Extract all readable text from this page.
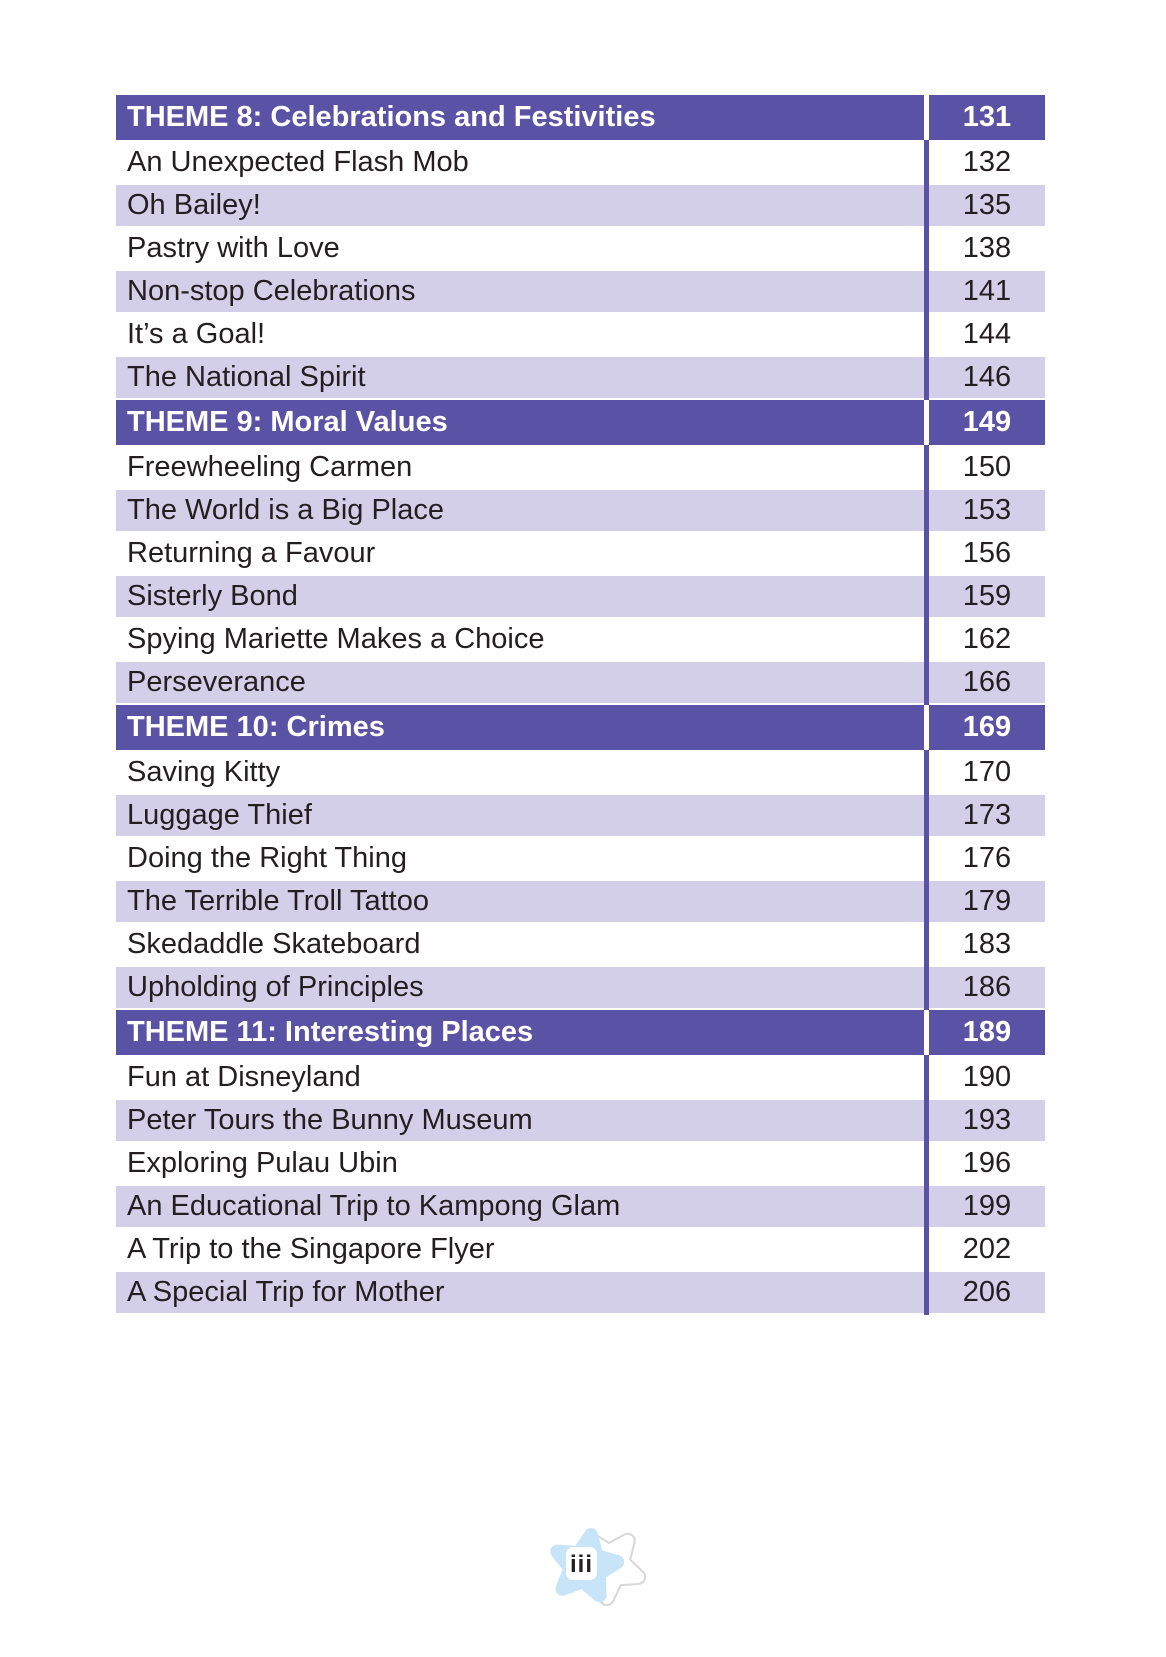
THEME 8: Celebrations and Festivities	131
An Unexpected Flash Mob	132
Oh Bailey!	135
Pastry with Love	138
Non-stop Celebrations	141
It’s a Goal!	144
The National Spirit	146
THEME 9: Moral Values	149
Freewheeling Carmen	150
The World is a Big Place	153
Returning a Favour	156
Sisterly Bond	159
Spying Mariette Makes a Choice	162
Perseverance	166
THEME 10: Crimes	169
Saving Kitty	170
Luggage Thief	173
Doing the Right Thing	176
The Terrible Troll Tattoo	179
Skedaddle Skateboard	183
Upholding of Principles	186
THEME 11: Interesting Places	189
Fun at Disneyland	190
Peter Tours the Bunny Museum	193
Exploring Pulau Ubin	196
An Educational Trip to Kampong Glam	199
A Trip to the Singapore Flyer	202
A Special Trip for Mother	206
iii
